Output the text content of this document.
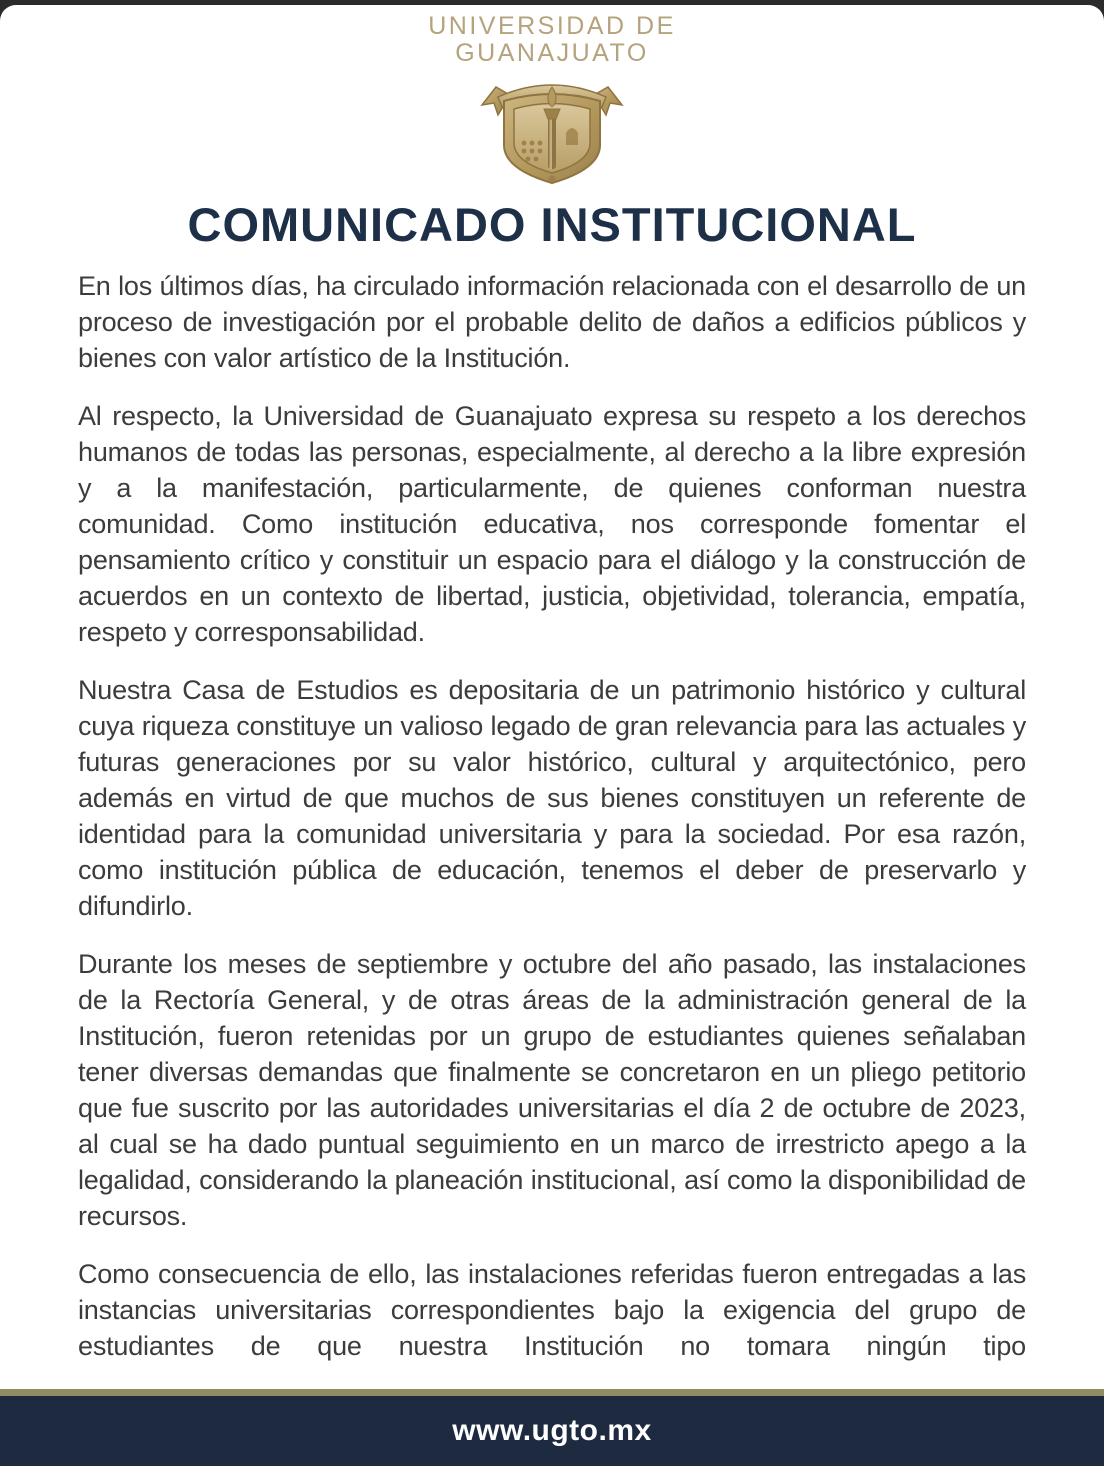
UNIVERSIDAD DE
GUANAJUATO
COMUNICADO INSTITUCIONAL

En los últimos días, ha circulado información relacionada con el desarrollo de un proceso de investigación por el probable delito de daños a edificios públicos y bienes con valor artístico de la Institución.

Al respecto, la Universidad de Guanajuato expresa su respeto a los derechos humanos de todas las personas, especialmente, al derecho a la libre expresión y a la manifestación, particularmente, de quienes conforman nuestra comunidad. Como institución educativa, nos corresponde fomentar el pensamiento crítico y constituir un espacio para el diálogo y la construcción de acuerdos en un contexto de libertad, justicia, objetividad, tolerancia, empatía, respeto y corresponsabilidad.

Nuestra Casa de Estudios es depositaria de un patrimonio histórico y cultural cuya riqueza constituye un valioso legado de gran relevancia para las actuales y futuras generaciones por su valor histórico, cultural y arquitectónico, pero además en virtud de que muchos de sus bienes constituyen un referente de identidad para la comunidad universitaria y para la sociedad. Por esa razón, como institución pública de educación, tenemos el deber de preservarlo y difundirlo.

Durante los meses de septiembre y octubre del año pasado, las instalaciones de la Rectoría General, y de otras áreas de la administración general de la Institución, fueron retenidas por un grupo de estudiantes quienes señalaban tener diversas demandas que finalmente se concretaron en un pliego petitorio que fue suscrito por las autoridades universitarias el día 2 de octubre de 2023, al cual se ha dado puntual seguimiento en un marco de irrestricto apego a la legalidad, considerando la planeación institucional, así como la disponibilidad de recursos.

Como consecuencia de ello, las instalaciones referidas fueron entregadas a las instancias universitarias correspondientes bajo la exigencia del grupo de estudiantes de que nuestra Institución no tomara ningún tipo

www.ugto.mx
